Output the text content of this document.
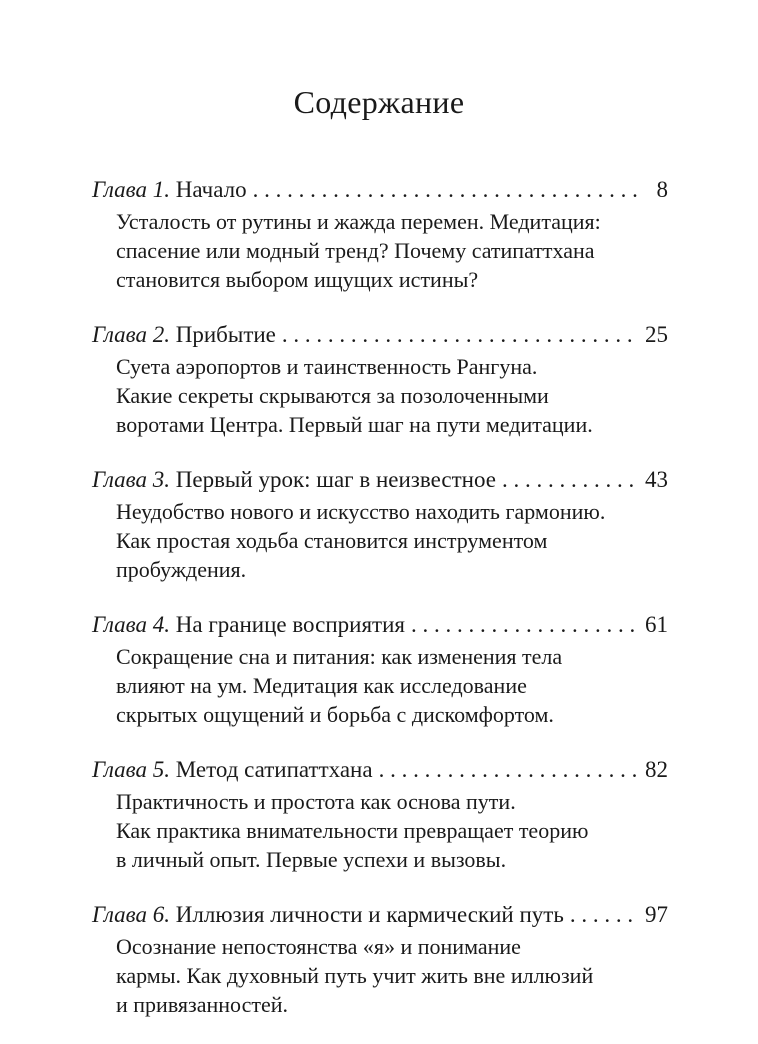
Содержание
Глава 1. Начало . . .	8
Усталость от рутины и жажда перемен. Медитация:
спасение или модный тренд? Почему сатипаттхана
становится выбором ищущих истины?
Глава 2. Прибытие . . .	25
Суета аэропортов и таинственность Рангуна.
Какие секреты скрываются за позолоченными
воротами Центра. Первый шаг на пути медитации.
Глава 3. Первый урок: шаг в неизвестное . . .	43
Неудобство нового и искусство находить гармонию.
Как простая ходьба становится инструментом
пробуждения.
Глава 4. На границе восприятия . . .	61
Сокращение сна и питания: как изменения тела
влияют на ум. Медитация как исследование
скрытых ощущений и борьба с дискомфортом.
Глава 5. Метод сатипаттхана . . .	82
Практичность и простота как основа пути.
Как практика внимательности превращает теорию
в личный опыт. Первые успехи и вызовы.
Глава 6. Иллюзия личности и кармический путь . . .	97
Осознание непостоянства «я» и понимание
кармы. Как духовный путь учит жить вне иллюзий
и привязанностей.
